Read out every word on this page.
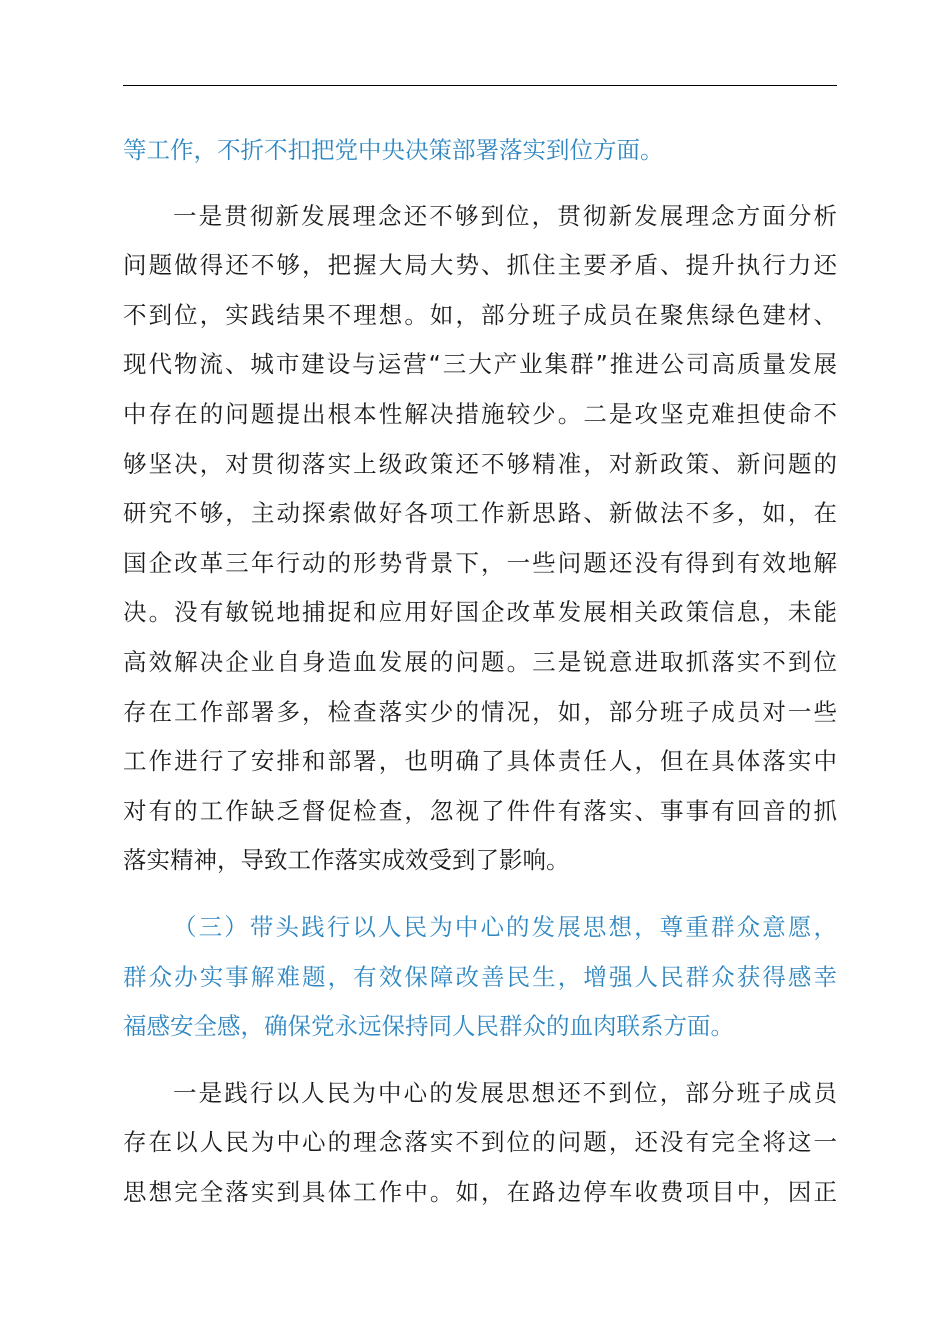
等工作，不折不扣把党中央决策部署落实到位方面。
一是贯彻新发展理念还不够到位，贯彻新发展理念方面分析
问题做得还不够，把握大局大势、抓住主要矛盾、提升执行力还
不到位，实践结果不理想。如，部分班子成员在聚焦绿色建材、
现代物流、城市建设与运营“三大产业集群”推进公司高质量发展
中存在的问题提出根本性解决措施较少。二是攻坚克难担使命不
够坚决，对贯彻落实上级政策还不够精准，对新政策、新问题的
研究不够，主动探索做好各项工作新思路、新做法不多，如，在
国企改革三年行动的形势背景下，一些问题还没有得到有效地解
决。没有敏锐地捕捉和应用好国企改革发展相关政策信息，未能
高效解决企业自身造血发展的问题。三是锐意进取抓落实不到位
存在工作部署多，检查落实少的情况，如，部分班子成员对一些
工作进行了安排和部署，也明确了具体责任人，但在具体落实中
对有的工作缺乏督促检查，忽视了件件有落实、事事有回音的抓
落实精神，导致工作落实成效受到了影响。
（三）带头践行以人民为中心的发展思想，尊重群众意愿，
群众办实事解难题，有效保障改善民生，增强人民群众获得感幸
福感安全感，确保党永远保持同人民群众的血肉联系方面。
一是践行以人民为中心的发展思想还不到位，部分班子成员
存在以人民为中心的理念落实不到位的问题，还没有完全将这一
思想完全落实到具体工作中。如，在路边停车收费项目中，因正
